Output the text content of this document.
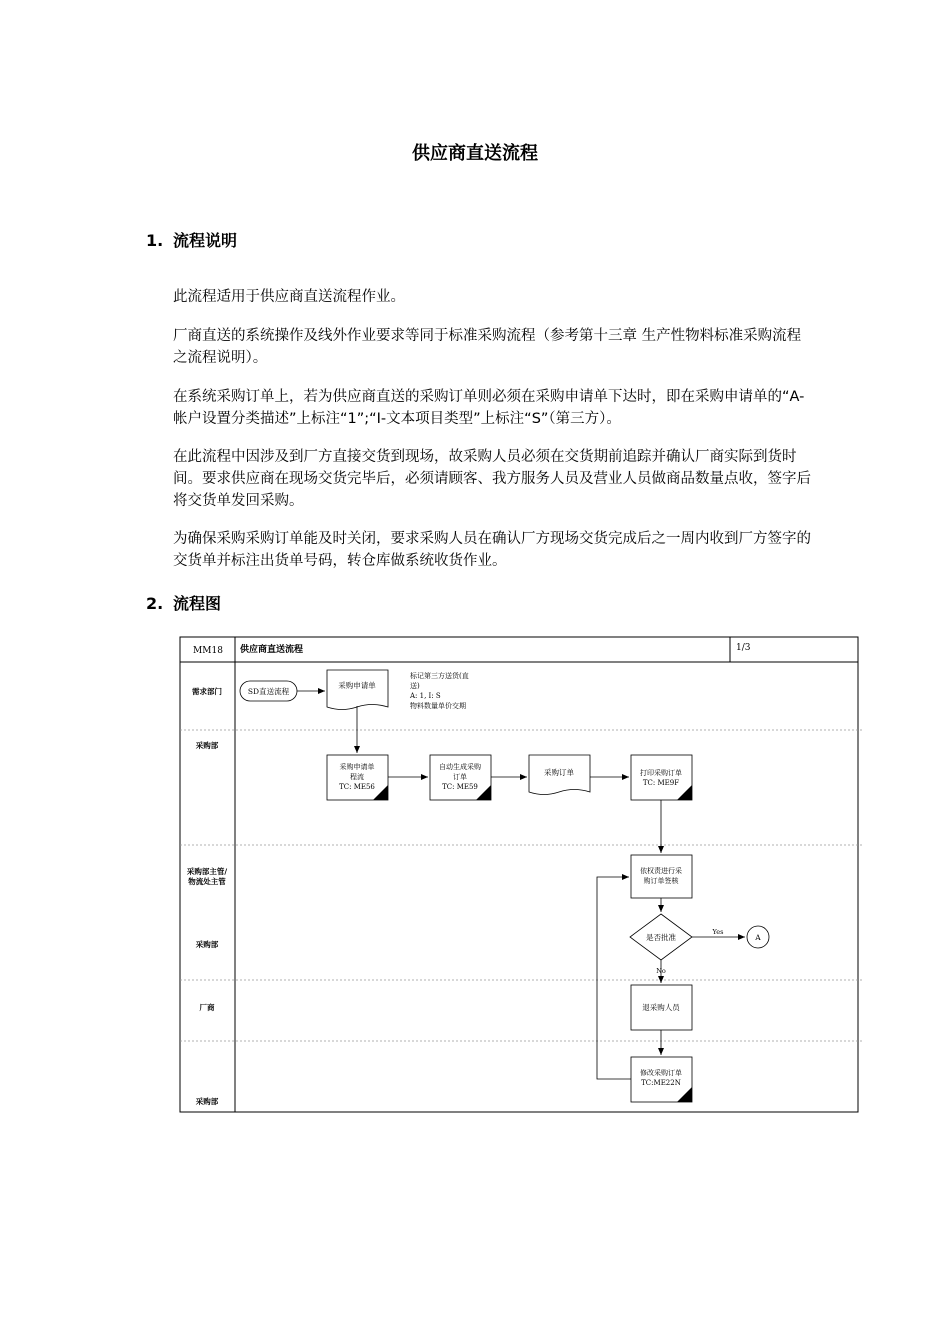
供应商直送流程
1. 流程说明
此流程适用于供应商直送流程作业。
厂商直送的系统操作及线外作业要求等同于标准采购流程（参考第十三章 生产性物料标准采购流程之流程说明）。
在系统采购订单上，若为供应商直送的采购订单则必须在采购申请单下达时，即在采购申请单的“A-帐户设置分类描述”上标注“1”;“I-文本项目类型”上标注“S”（第三方）。
在此流程中因涉及到厂方直接交货到现场，故采购人员必须在交货期前追踪并确认厂商实际到货时间。要求供应商在现场交货完毕后，必须请顾客、我方服务人员及营业人员做商品数量点收，签字后将交货单发回采购。
为确保采购采购订单能及时关闭，要求采购人员在确认厂方现场交货完成后之一周内收到厂方签字的交货单并标注出货单号码，转仓库做系统收货作业。
2. 流程图
MM18 供应商直送流程	1/3
需求部门
采购部
采购部主管/
物流处主管
采购部
厂商
采购部
SD直送流程
采购申请单
标记第三方送货(直
送)
A: 1, I: S
物料数量单价交期
采购申请单
程流
TC: ME56
自动生成采购
订单
TC: ME59
采购订单	打印采购订单
TC: ME9F
依权责进行采
购订单签核
是否批准
Yes
A
No
退采购人员
修改采购订单
TC:ME22N
